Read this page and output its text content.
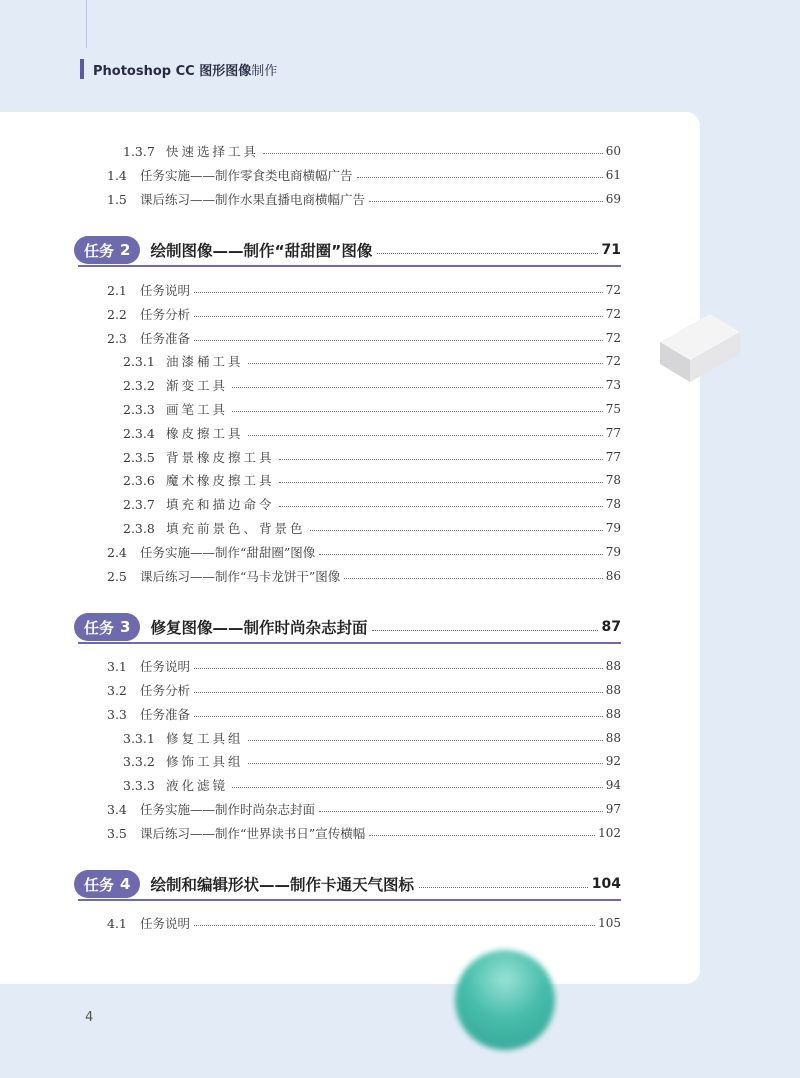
Photoshop CC 图形图像制作
1.3.7 快速选择工具	60
1.4 任务实施——制作零食类电商横幅广告	61
1.5 课后练习——制作水果直播电商横幅广告	69
任务 2 绘制图像——制作“甜甜圈”图像	71
2.1 任务说明	72
2.2 任务分析	72
2.3 任务准备	72
2.3.1 油漆桶工具	72
2.3.2 渐变工具	73
2.3.3 画笔工具	75
2.3.4 橡皮擦工具	77
2.3.5 背景橡皮擦工具	77
2.3.6 魔术橡皮擦工具	78
2.3.7 填充和描边命令	78
2.3.8 填充前景色、背景色	79
2.4 任务实施——制作“甜甜圈”图像	79
2.5 课后练习——制作“马卡龙饼干”图像	86
任务 3 修复图像——制作时尚杂志封面	87
3.1 任务说明	88
3.2 任务分析	88
3.3 任务准备	88
3.3.1 修复工具组	88
3.3.2 修饰工具组	92
3.3.3 液化滤镜	94
3.4 任务实施——制作时尚杂志封面	97
3.5 课后练习——制作“世界读书日”宣传横幅	102
任务 4 绘制和编辑形状——制作卡通天气图标	104
4.1 任务说明	105
4
